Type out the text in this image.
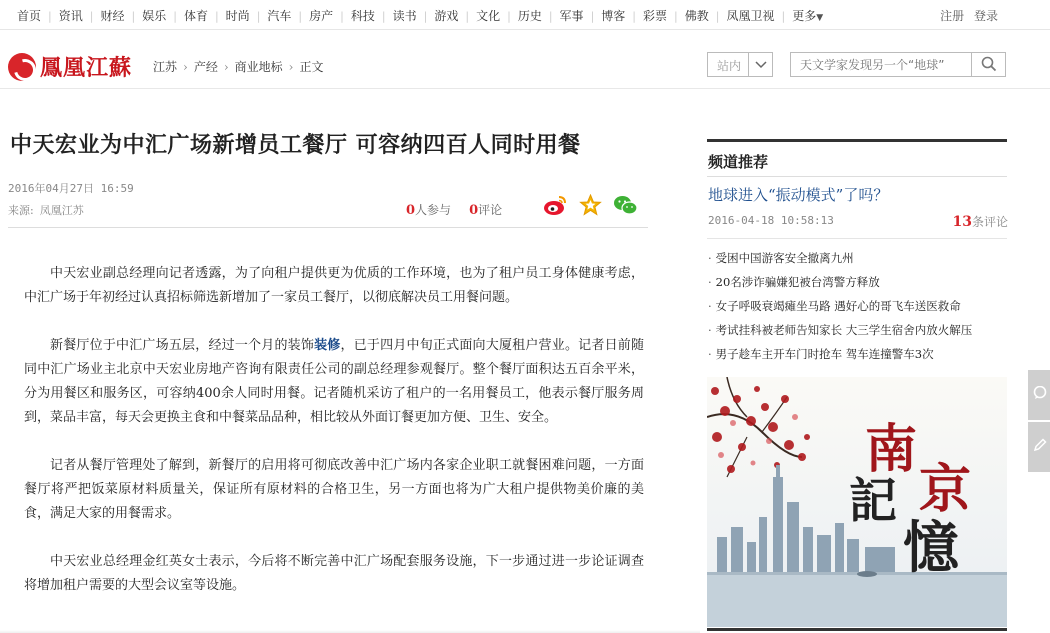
首页 | 资讯 | 财经 | 娱乐 | 体育 | 时尚 | 汽车 | 房产 | 科技 | 读书 | 游戏 | 文化 | 历史 | 军事 | 博客 | 彩票 | 佛教 | 凤凰卫视 | 更多▼	注册 登录
鳳凰江蘇 江苏 › 产经 › 商业地标 › 正文	站内
天文学家发现另一个“地球”
中天宏业为中汇广场新增员工餐厅 可容纳四百人同时用餐
2016年04月27日 16:59
来源: 凤凰江苏	0人参与 0评论

中天宏业副总经理向记者透露，为了向租户提供更为优质的工作环境，也为了租户员工身体健康考虑，中汇广场于年初经过认真招标筛选新增加了一家员工餐厅，以彻底解决员工用餐问题。

新餐厅位于中汇广场五层，经过一个月的装饰装修，已于四月中旬正式面向大厦租户营业。记者日前随同中汇广场业主北京中天宏业房地产咨询有限责任公司的副总经理参观餐厅。整个餐厅面积达五百余平米，分为用餐区和服务区，可容纳400余人同时用餐。记者随机采访了租户的一名用餐员工，他表示餐厅服务周到，菜品丰富，每天会更换主食和中餐菜品品种，相比较从外面订餐更加方便、卫生、安全。

记者从餐厅管理处了解到，新餐厅的启用将可彻底改善中汇广场内各家企业职工就餐困难问题，一方面餐厅将严把饭菜原材料质量关，保证所有原材料的合格卫生，另一方面也将为广大租户提供物美价廉的美食，满足大家的用餐需求。

中天宏业总经理金红英女士表示，今后将不断完善中汇广场配套服务设施，下一步通过进一步论证调查将增加租户需要的大型会议室等设施。

频道推荐
地球进入“振动模式”了吗？
2016-04-18 10:58:13	13条评论
· 受困中国游客安全撤离九州
· 20名涉诈骗嫌犯被台湾警方释放
· 女子呼吸衰竭瘫坐马路 遇好心的哥飞车送医救命
· 考试挂科被老师告知家长 大三学生宿舍内放火解压
· 男子趁车主开车门时抢车 驾车连撞警车3次
南
京
記
憶
